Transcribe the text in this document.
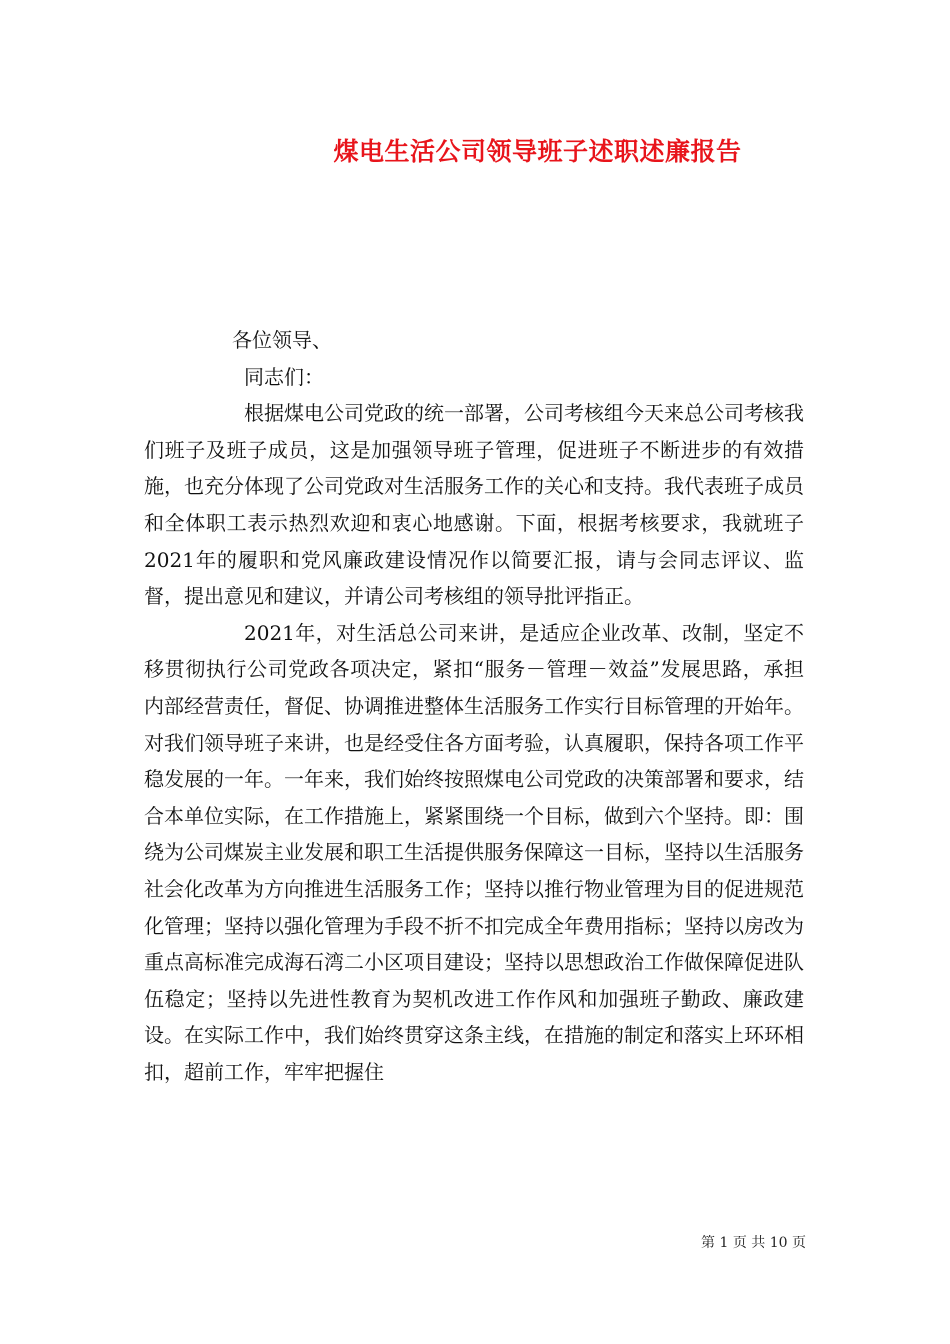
煤电生活公司领导班子述职述廉报告
各位领导、
同志们：

根据煤电公司党政的统一部署，公司考核组今天来总公司考核我们班子及班子成员，这是加强领导班子管理，促进班子不断进步的有效措施，也充分体现了公司党政对生活服务工作的关心和支持。我代表班子成员和全体职工表示热烈欢迎和衷心地感谢。下面，根据考核要求，我就班子2021年的履职和党风廉政建设情况作以简要汇报，请与会同志评议、监督，提出意见和建议，并请公司考核组的领导批评指正。

2021年，对生活总公司来讲，是适应企业改革、改制，坚定不移贯彻执行公司党政各项决定，紧扣“服务－管理－效益”发展思路，承担内部经营责任，督促、协调推进整体生活服务工作实行目标管理的开始年。对我们领导班子来讲，也是经受住各方面考验，认真履职，保持各项工作平稳发展的一年。一年来，我们始终按照煤电公司党政的决策部署和要求，结合本单位实际，在工作措施上，紧紧围绕一个目标，做到六个坚持。即：围绕为公司煤炭主业发展和职工生活提供服务保障这一目标，坚持以生活服务社会化改革为方向推进生活服务工作；坚持以推行物业管理为目的促进规范化管理；坚持以强化管理为手段不折不扣完成全年费用指标；坚持以房改为重点高标准完成海石湾二小区项目建设；坚持以思想政治工作做保障促进队伍稳定；坚持以先进性教育为契机改进工作作风和加强班子勤政、廉政建设。在实际工作中，我们始终贯穿这条主线，在措施的制定和落实上环环相扣，超前工作，牢牢把握住

第 1 页 共 10 页
